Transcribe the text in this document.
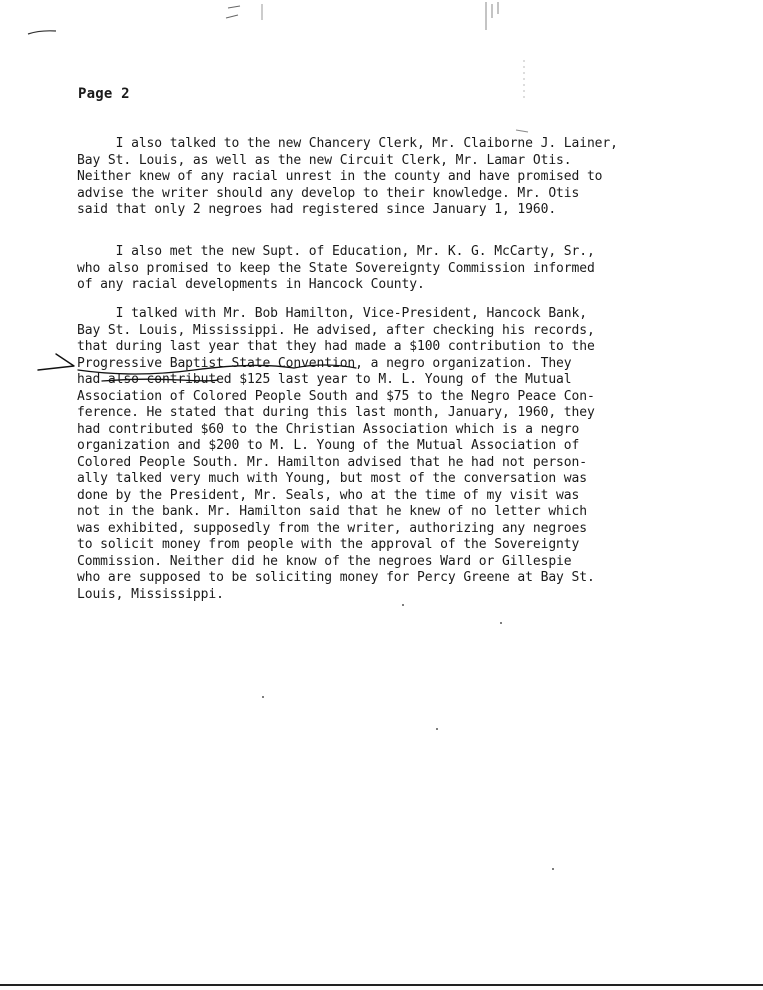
Page 2
I also talked to the new Chancery Clerk, Mr. Claiborne J. Lainer,
Bay St. Louis, as well as the new Circuit Clerk, Mr. Lamar Otis.
Neither knew of any racial unrest in the county and have promised to
advise the writer should any develop to their knowledge. Mr. Otis
said that only 2 negroes had registered since January 1, 1960.
I also met the new Supt. of Education, Mr. K. G. McCarty, Sr.,
who also promised to keep the State Sovereignty Commission informed
of any racial developments in Hancock County.
I talked with Mr. Bob Hamilton, Vice-President, Hancock Bank,
Bay St. Louis, Mississippi. He advised, after checking his records,
that during last year that they had made a $100 contribution to the
Progressive Baptist State Convention, a negro organization. They
had also contributed $125 last year to M. L. Young of the Mutual
Association of Colored People South and $75 to the Negro Peace Con-
ference. He stated that during this last month, January, 1960, they
had contributed $60 to the Christian Association which is a negro
organization and $200 to M. L. Young of the Mutual Association of
Colored People South. Mr. Hamilton advised that he had not person-
ally talked very much with Young, but most of the conversation was
done by the President, Mr. Seals, who at the time of my visit was
not in the bank. Mr. Hamilton said that he knew of no letter which
was exhibited, supposedly from the writer, authorizing any negroes
to solicit money from people with the approval of the Sovereignty
Commission. Neither did he know of the negroes Ward or Gillespie
who are supposed to be soliciting money for Percy Greene at Bay St.
Louis, Mississippi.
